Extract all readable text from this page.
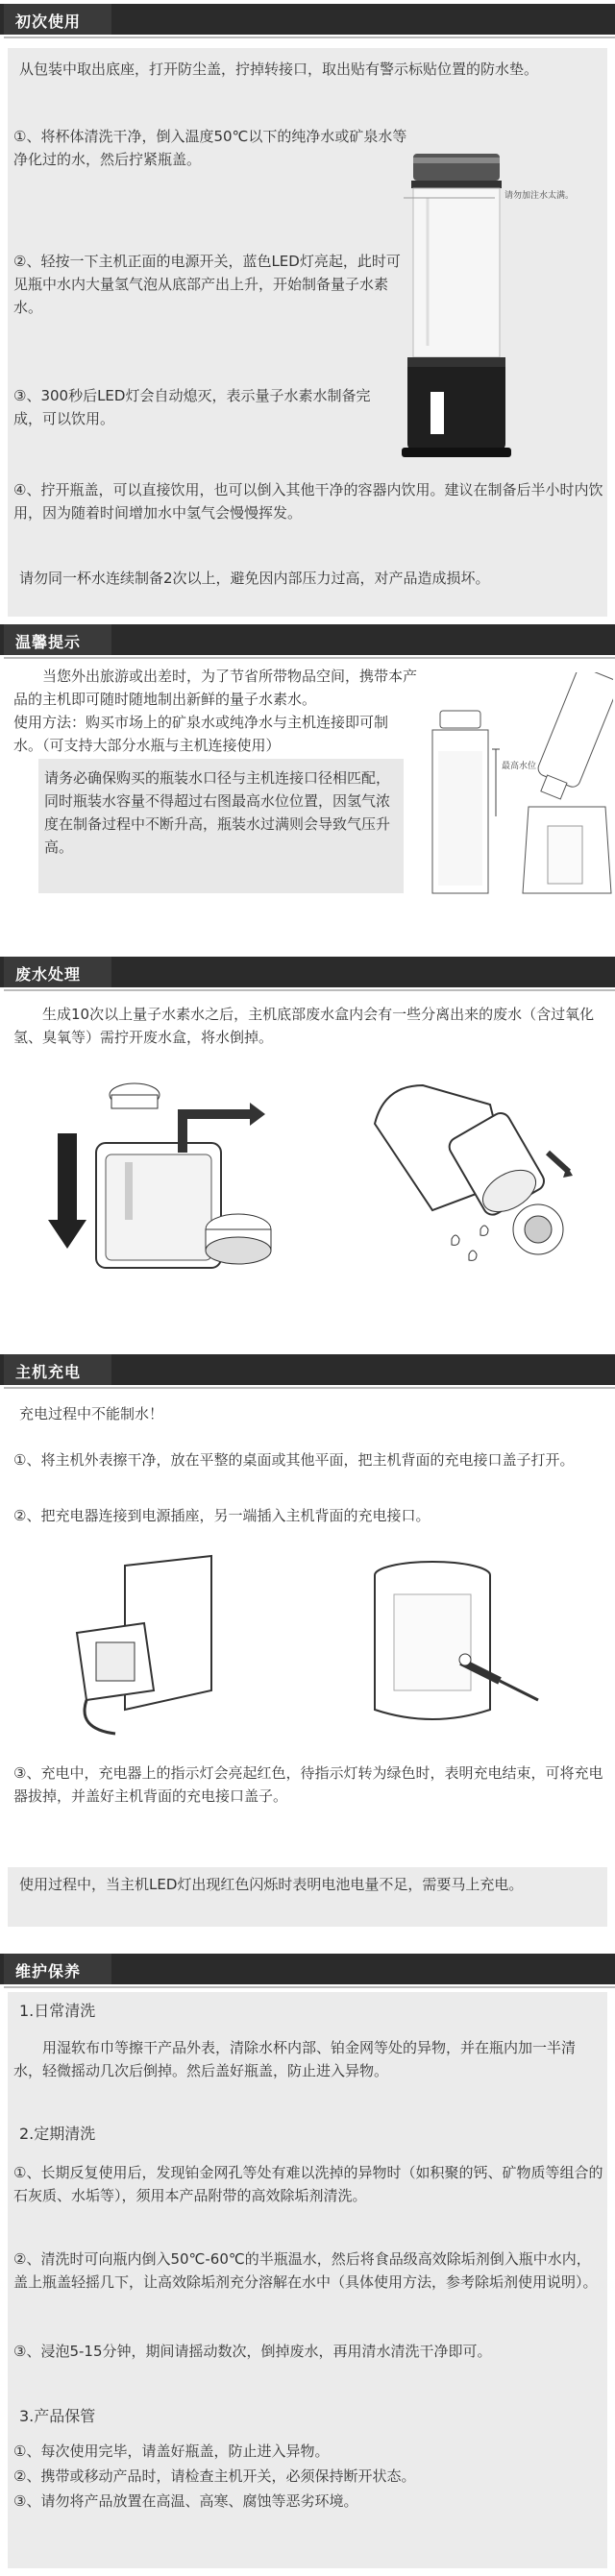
初次使用
从包装中取出底座，打开防尘盖，拧掉转接口，取出贴有警示标贴位置的防水垫。
①、将杯体清洗干净，倒入温度50℃以下的纯净水或矿泉水等净化过的水，然后拧紧瓶盖。
②、轻按一下主机正面的电源开关，蓝色LED灯亮起，此时可见瓶中水内大量氢气泡从底部产出上升，开始制备量子水素水。
③、300秒后LED灯会自动熄灭，表示量子水素水制备完成，可以饮用。
④、拧开瓶盖，可以直接饮用，也可以倒入其他干净的容器内饮用。建议在制备后半小时内饮用，因为随着时间增加水中氢气会慢慢挥发。
请勿加注水太满。
请勿同一杯水连续制备2次以上，避免因内部压力过高，对产品造成损坏。
温馨提示
当您外出旅游或出差时，为了节省所带物品空间，携带本产品的主机即可随时随地制出新鲜的量子水素水。
使用方法：购买市场上的矿泉水或纯净水与主机连接即可制水。（可支持大部分水瓶与主机连接使用）
请务必确保购买的瓶装水口径与主机连接口径相匹配，同时瓶装水容量不得超过右图最高水位位置，因氢气浓度在制备过程中不断升高，瓶装水过满则会导致气压升高。
最高水位
废水处理
生成10次以上量子水素水之后，主机底部废水盒内会有一些分离出来的废水（含过氧化氢、臭氧等）需拧开废水盒，将水倒掉。
主机充电
充电过程中不能制水！
①、将主机外表擦干净，放在平整的桌面或其他平面，把主机背面的充电接口盖子打开。
②、把充电器连接到电源插座，另一端插入主机背面的充电接口。
③、充电中，充电器上的指示灯会亮起红色，待指示灯转为绿色时，表明充电结束，可将充电器拔掉，并盖好主机背面的充电接口盖子。
使用过程中，当主机LED灯出现红色闪烁时表明电池电量不足，需要马上充电。
维护保养
1.日常清洗
用湿软布巾等擦干产品外表，清除水杯内部、铂金网等处的异物，并在瓶内加一半清水，轻微摇动几次后倒掉。然后盖好瓶盖，防止进入异物。
2.定期清洗
①、长期反复使用后，发现铂金网孔等处有难以洗掉的异物时（如积聚的钙、矿物质等组合的石灰质、水垢等），须用本产品附带的高效除垢剂清洗。
②、清洗时可向瓶内倒入50℃-60℃的半瓶温水，然后将食品级高效除垢剂倒入瓶中水内，盖上瓶盖轻摇几下，让高效除垢剂充分溶解在水中（具体使用方法，参考除垢剂使用说明）。
③、浸泡5-15分钟，期间请摇动数次，倒掉废水，再用清水清洗干净即可。
3.产品保管
①、每次使用完毕，请盖好瓶盖，防止进入异物。
②、携带或移动产品时，请检查主机开关，必须保持断开状态。
③、请勿将产品放置在高温、高寒、腐蚀等恶劣环境。
